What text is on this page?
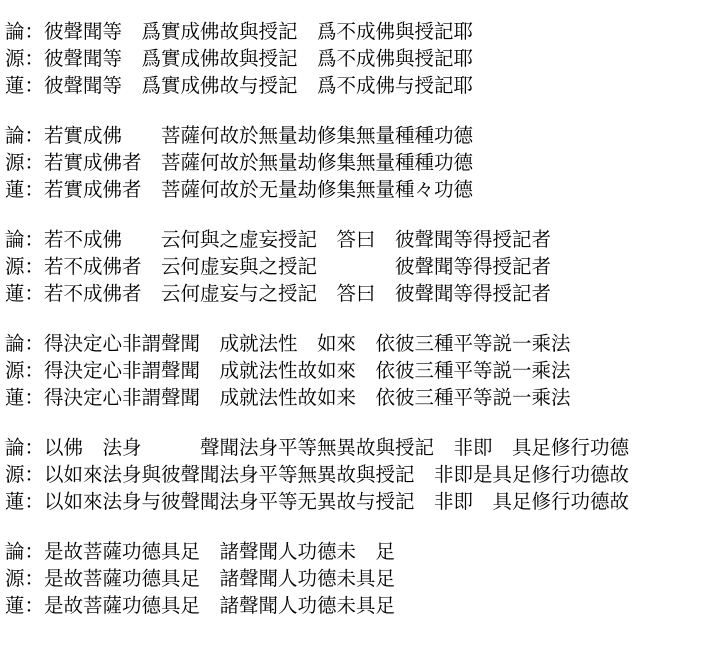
論：彼聲聞等　爲實成佛故與授記　爲不成佛與授記耶
源：彼聲聞等　爲實成佛故與授記　爲不成佛與授記耶
蓮：彼聲聞等　爲實成佛故与授記　爲不成佛与授記耶
論：若實成佛　　菩薩何故於無量劫修集無量種種功德
源：若實成佛者　菩薩何故於無量劫修集無量種種功德
蓮：若實成佛者　菩薩何故於无量劫修集無量種々功德
論：若不成佛　　云何與之虚妄授記　答曰　彼聲聞等得授記者
源：若不成佛者　云何虚妄與之授記　　　　彼聲聞等得授記者
蓮：若不成佛者　云何虚妄与之授記　答曰　彼聲聞等得授記者
論：得決定心非謂聲聞　成就法性　如來　依彼三種平等説一乘法
源：得決定心非謂聲聞　成就法性故如來　依彼三種平等説一乘法
蓮：得決定心非謂聲聞　成就法性故如来　依彼三種平等説一乘法
論：以佛　法身　　　聲聞法身平等無異故與授記　非即　具足修行功德
源：以如來法身與彼聲聞法身平等無異故與授記　非即是具足修行功德故
蓮：以如來法身与彼聲聞法身平等无異故与授記　非即　具足修行功德故
論：是故菩薩功德具足　諸聲聞人功德未　足
源：是故菩薩功德具足　諸聲聞人功德未具足
蓮：是故菩薩功德具足　諸聲聞人功德未具足
